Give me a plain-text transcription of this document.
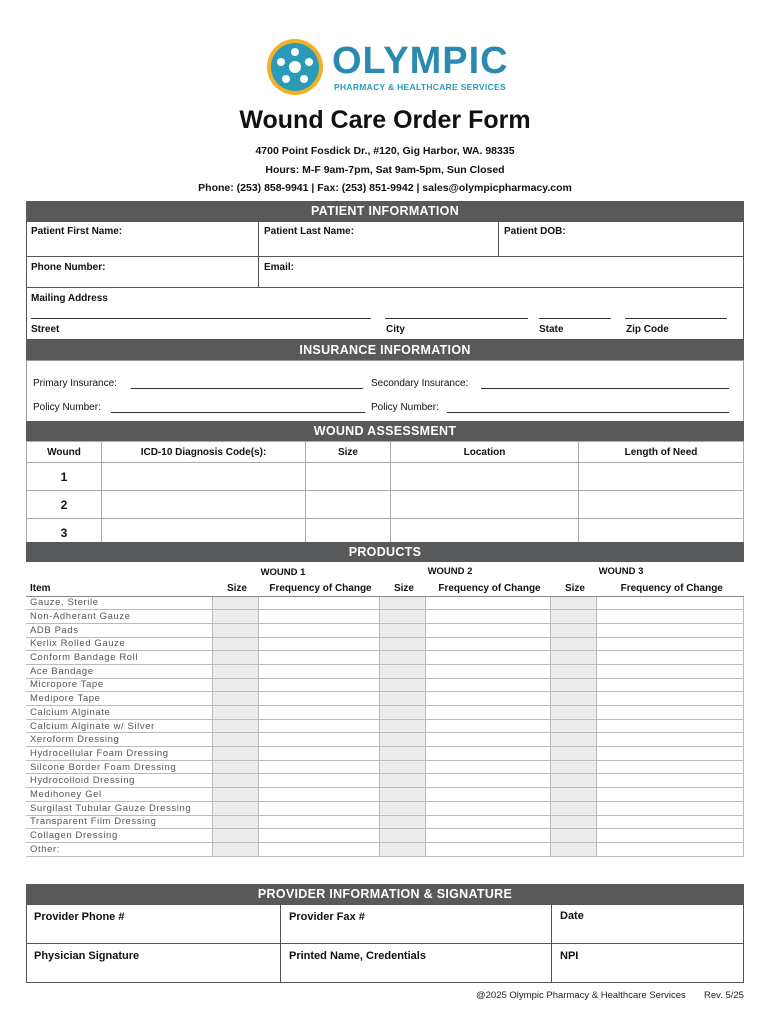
OLYMPIC
PHARMACY & HEALTHCARE SERVICES
Wound Care Order Form
4700 Point Fosdick Dr., #120, Gig Harbor, WA. 98335
Hours: M-F 9am-7pm, Sat 9am-5pm, Sun Closed
Phone: (253) 858-9941 | Fax: (253) 851-9942 | sales@olympicpharmacy.com
PATIENT INFORMATION
Patient First Name:	Patient Last Name:	Patient DOB:
Phone Number:	Email:
Mailing Address
Street	City	State	Zip Code
INSURANCE INFORMATION
Primary Insurance:	Secondary Insurance:
Policy Number:	Policy Number:
WOUND ASSESSMENT
Wound	ICD-10 Diagnosis Code(s):	Size	Location	Length of Need
1				
2				
3				
PRODUCTS
WOUND 1	WOUND 2	WOUND 3
Item	Size	Frequency of Change	Size	Frequency of Change	Size	Frequency of Change
Gauze, Sterile						
Non-Adherant Gauze						
ADB Pads						
Kerlix Rolled Gauze						
Conform Bandage Roll						
Ace Bandage						
Micropore Tape						
Medipore Tape						
Calcium Alginate						
Calcium Alginate w/ Silver						
Xeroform Dressing						
Hydrocellular Foam Dressing						
Silcone Border Foam Dressing						
Hydrocolloid Dressing						
Medihoney Gel						
Surgilast Tubular Gauze Dressing						
Transparent Film Dressing						
Collagen Dressing						
Other:						
PROVIDER INFORMATION & SIGNATURE
Provider Phone #	Provider Fax #	Date
Physician Signature	Printed Name, Credentials	NPI
@2025 Olympic Pharmacy & Healthcare Services Rev. 5/25
